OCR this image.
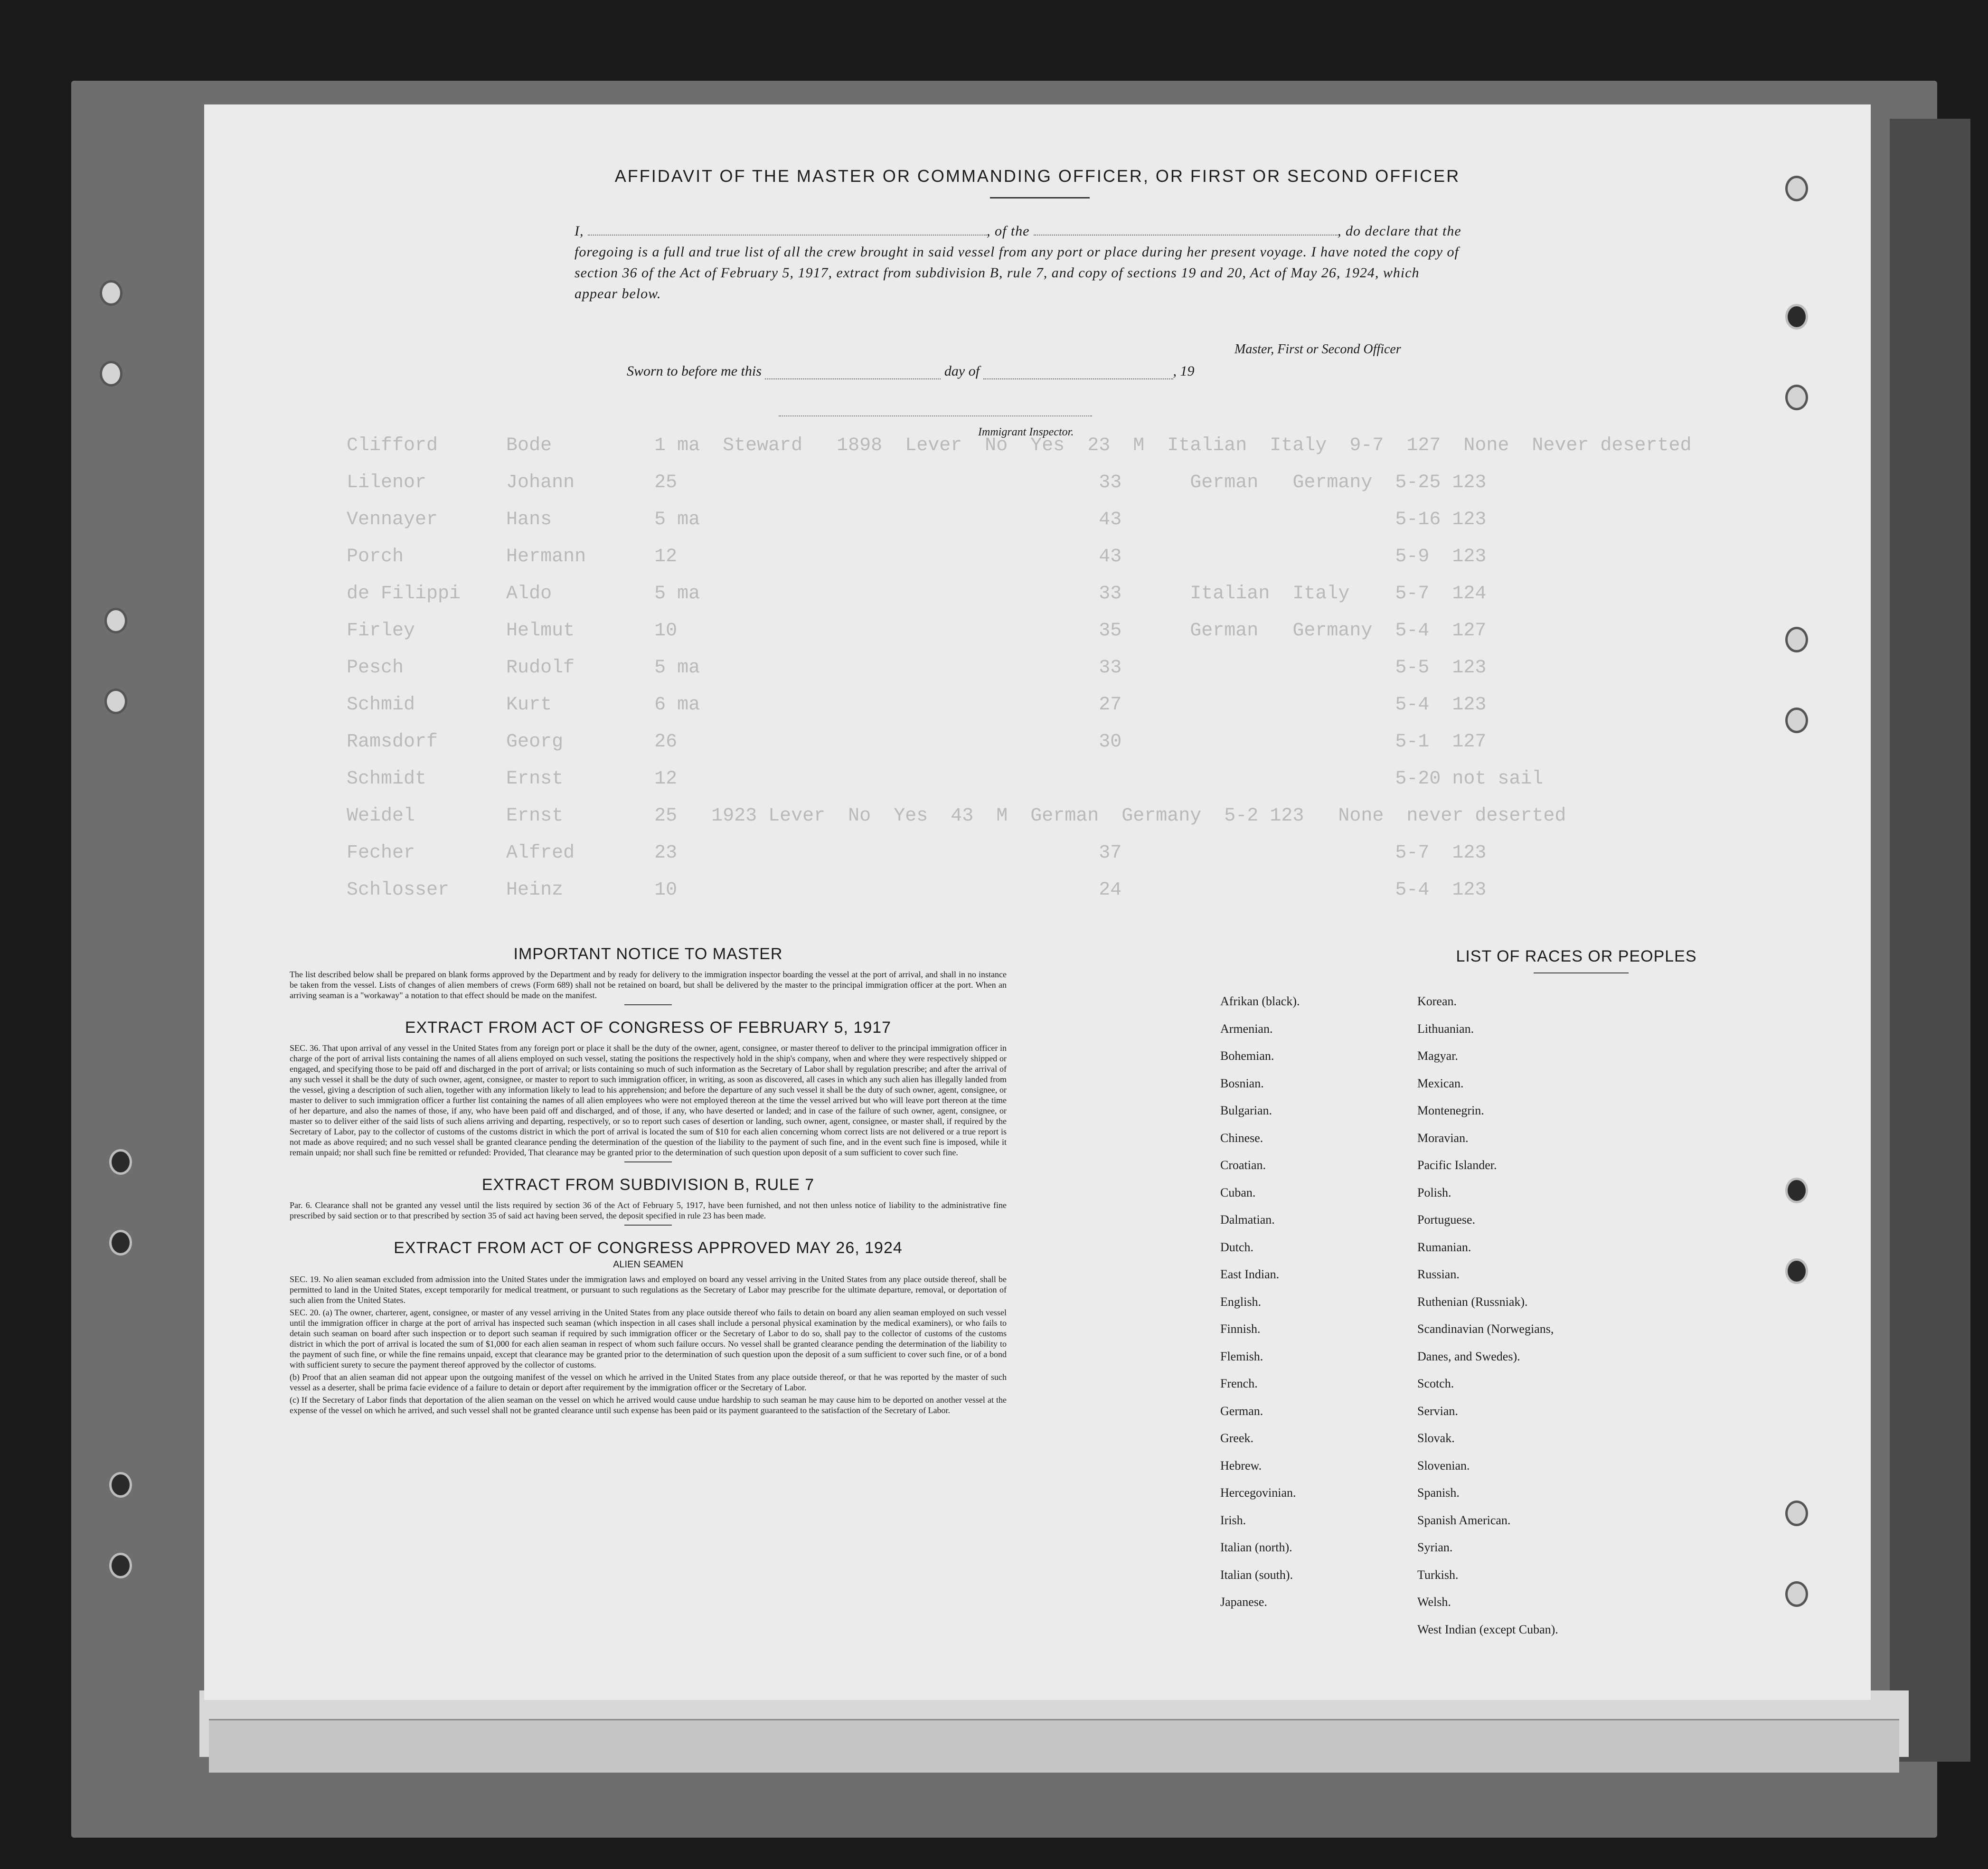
Clifford      Bode         1 ma  Steward   1898  Lever  No  Yes  23  M  Italian  Italy  9-7  127  None  Never deserted
Lilenor       Johann       25                                     33      German   Germany  5-25 123
Vennayer      Hans         5 ma                                   43                        5-16 123
Porch         Hermann      12                                     43                        5-9  123
de Filippi    Aldo         5 ma                                   33      Italian  Italy    5-7  124
Firley        Helmut       10                                     35      German   Germany  5-4  127
Pesch         Rudolf       5 ma                                   33                        5-5  123
Schmid        Kurt         6 ma                                   27                        5-4  123
Ramsdorf      Georg        26                                     30                        5-1  127
Schmidt       Ernst        12                                                               5-20 not sail
Weidel        Ernst        25   1923 Lever  No  Yes  43  M  German  Germany  5-2 123   None  never deserted
Fecher        Alfred       23                                     37                        5-7  123
Schlosser     Heinz        10                                     24                        5-4  123
AFFIDAVIT OF THE MASTER OR COMMANDING OFFICER, OR FIRST OR SECOND OFFICER
I,	, of the	, do declare that the foregoing is a full and true list of all the crew brought in said vessel from any port or place during her present voyage. I have noted the copy of section 36 of the Act of February 5, 1917, extract from subdivision B, rule 7, and copy of sections 19 and 20, Act of May 26, 1924, which appear below.
Master, First or Second Officer
Sworn to before me this	day of	, 19
Immigrant Inspector.
IMPORTANT NOTICE TO MASTER

The list described below shall be prepared on blank forms approved by the Department and by ready for delivery to the immigration inspector boarding the vessel at the port of arrival, and shall in no instance be taken from the vessel. Lists of changes of alien members of crews (Form 689) shall not be retained on board, but shall be delivered by the master to the principal immigration officer at the port. When an arriving seaman is a "workaway" a notation to that effect should be made on the manifest.

EXTRACT FROM ACT OF CONGRESS OF FEBRUARY 5, 1917

SEC. 36. That upon arrival of any vessel in the United States from any foreign port or place it shall be the duty of the owner, agent, consignee, or master thereof to deliver to the principal immigration officer in charge of the port of arrival lists containing the names of all aliens employed on such vessel, stating the positions the respectively hold in the ship's company, when and where they were respectively shipped or engaged, and specifying those to be paid off and discharged in the port of arrival; or lists containing so much of such information as the Secretary of Labor shall by regulation prescribe; and after the arrival of any such vessel it shall be the duty of such owner, agent, consignee, or master to report to such immigration officer, in writing, as soon as discovered, all cases in which any such alien has illegally landed from the vessel, giving a description of such alien, together with any information likely to lead to his apprehension; and before the departure of any such vessel it shall be the duty of such owner, agent, consignee, or master to deliver to such immigration officer a further list containing the names of all alien employees who were not employed thereon at the time the vessel arrived but who will leave port thereon at the time of her departure, and also the names of those, if any, who have been paid off and discharged, and of those, if any, who have deserted or landed; and in case of the failure of such owner, agent, consignee, or master so to deliver either of the said lists of such aliens arriving and departing, respectively, or so to report such cases of desertion or landing, such owner, agent, consignee, or master shall, if required by the Secretary of Labor, pay to the collector of customs of the customs district in which the port of arrival is located the sum of $10 for each alien concerning whom correct lists are not delivered or a true report is not made as above required; and no such vessel shall be granted clearance pending the determination of the question of the liability to the payment of such fine, and in the event such fine is imposed, while it remain unpaid; nor shall such fine be remitted or refunded: Provided, That clearance may be granted prior to the determination of such question upon deposit of a sum sufficient to cover such fine.

EXTRACT FROM SUBDIVISION B, RULE 7

Par. 6. Clearance shall not be granted any vessel until the lists required by section 36 of the Act of February 5, 1917, have been furnished, and not then unless notice of liability to the administrative fine prescribed by said section or to that prescribed by section 35 of said act having been served, the deposit specified in rule 23 has been made.

EXTRACT FROM ACT OF CONGRESS APPROVED MAY 26, 1924
ALIEN SEAMEN

SEC. 19. No alien seaman excluded from admission into the United States under the immigration laws and employed on board any vessel arriving in the United States from any place outside thereof, shall be permitted to land in the United States, except temporarily for medical treatment, or pursuant to such regulations as the Secretary of Labor may prescribe for the ultimate departure, removal, or deportation of such alien from the United States.

SEC. 20. (a) The owner, charterer, agent, consignee, or master of any vessel arriving in the United States from any place outside thereof who fails to detain on board any alien seaman employed on such vessel until the immigration officer in charge at the port of arrival has inspected such seaman (which inspection in all cases shall include a personal physical examination by the medical examiners), or who fails to detain such seaman on board after such inspection or to deport such seaman if required by such immigration officer or the Secretary of Labor to do so, shall pay to the collector of customs of the customs district in which the port of arrival is located the sum of $1,000 for each alien seaman in respect of whom such failure occurs. No vessel shall be granted clearance pending the determination of the liability to the payment of such fine, or while the fine remains unpaid, except that clearance may be granted prior to the determination of such question upon the deposit of a sum sufficient to cover such fine, or of a bond with sufficient surety to secure the payment thereof approved by the collector of customs.

(b) Proof that an alien seaman did not appear upon the outgoing manifest of the vessel on which he arrived in the United States from any place outside thereof, or that he was reported by the master of such vessel as a deserter, shall be prima facie evidence of a failure to detain or deport after requirement by the immigration officer or the Secretary of Labor.

(c) If the Secretary of Labor finds that deportation of the alien seaman on the vessel on which he arrived would cause undue hardship to such seaman he may cause him to be deported on another vessel at the expense of the vessel on which he arrived, and such vessel shall not be granted clearance until such expense has been paid or its payment guaranteed to the satisfaction of the Secretary of Labor.

LIST OF RACES OR PEOPLES
Afrikan (black).
Armenian.
Bohemian.
Bosnian.
Bulgarian.
Chinese.
Croatian.
Cuban.
Dalmatian.
Dutch.
East Indian.
English.
Finnish.
Flemish.
French.
German.
Greek.
Hebrew.
Hercegovinian.
Irish.
Italian (north).
Italian (south).
Japanese.
Korean.
Lithuanian.
Magyar.
Mexican.
Montenegrin.
Moravian.
Pacific Islander.
Polish.
Portuguese.
Rumanian.
Russian.
Ruthenian (Russniak).
Scandinavian (Norwegians,
Danes, and Swedes).
Scotch.
Servian.
Slovak.
Slovenian.
Spanish.
Spanish American.
Syrian.
Turkish.
Welsh.
West Indian (except Cuban).
